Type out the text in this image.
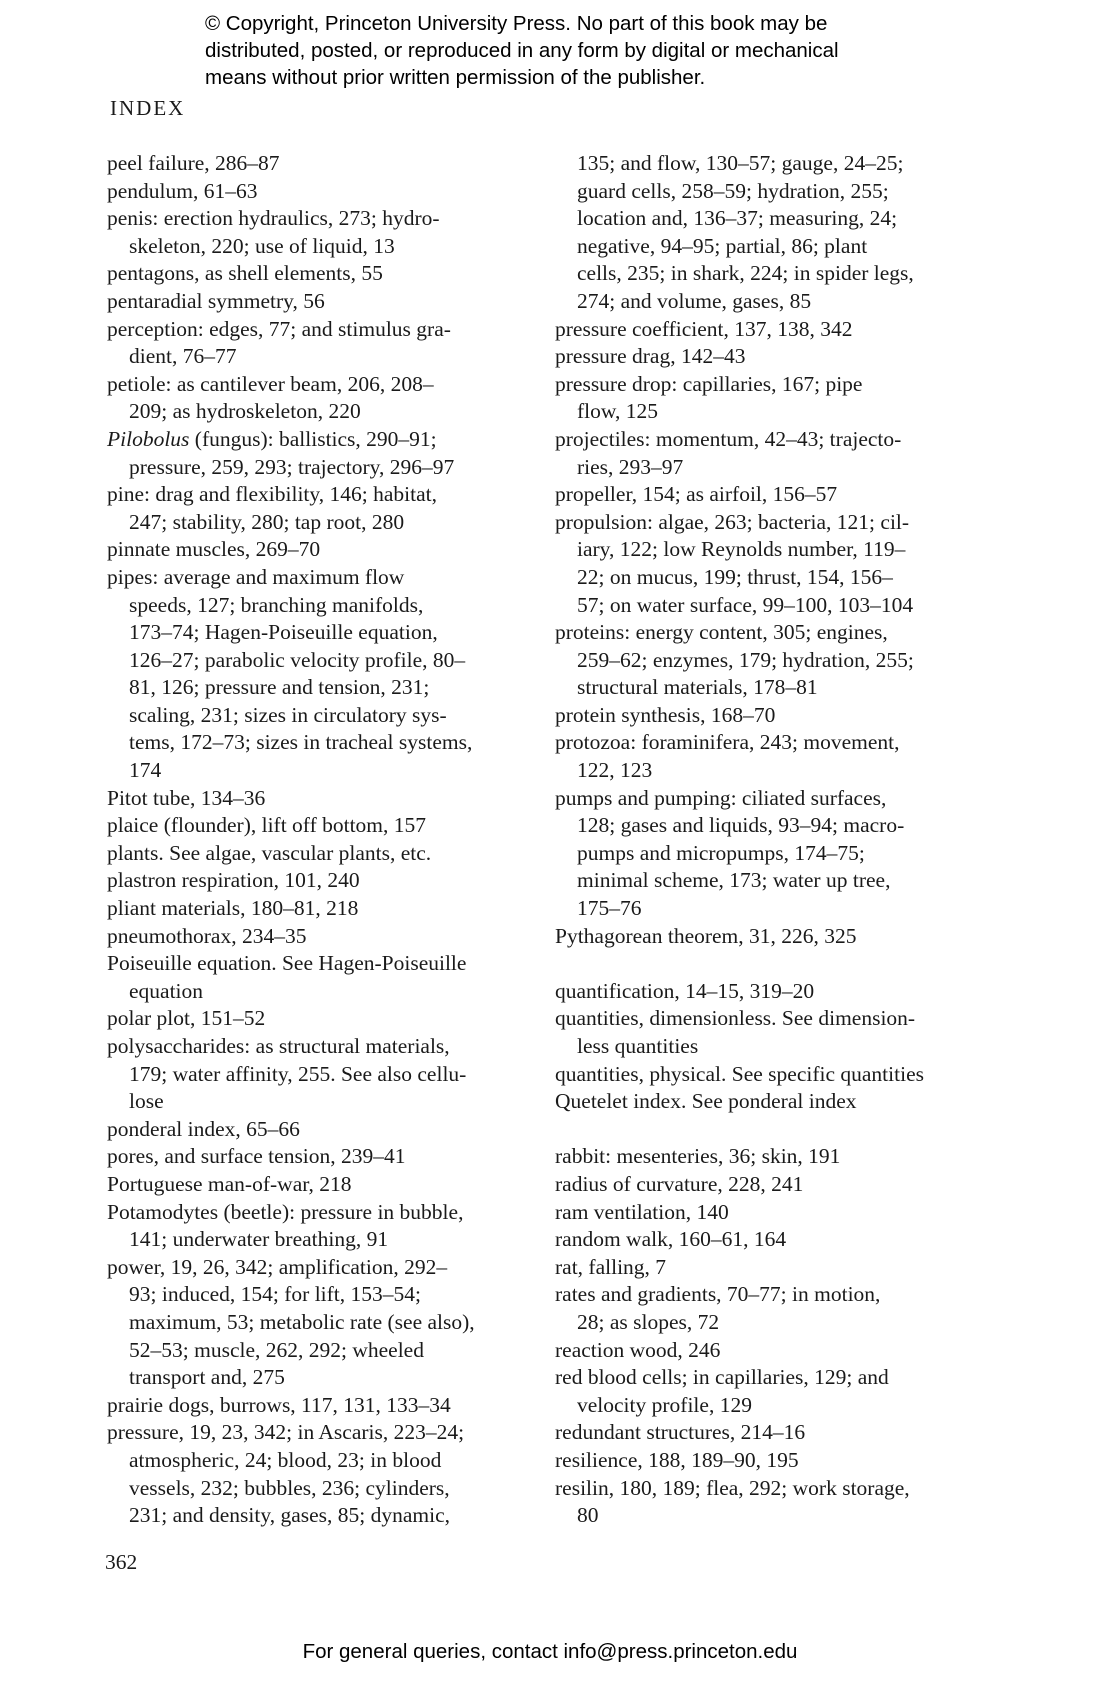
© Copyright, Princeton University Press. No part of this book may be
distributed, posted, or reproduced in any form by digital or mechanical
means without prior written permission of the publisher.
INDEX
peel failure, 286–87
pendulum, 61–63
penis: erection hydraulics, 273; hydro-
skeleton, 220; use of liquid, 13
pentagons, as shell elements, 55
pentaradial symmetry, 56
perception: edges, 77; and stimulus gra-
dient, 76–77
petiole: as cantilever beam, 206, 208–
209; as hydroskeleton, 220
Pilobolus (fungus): ballistics, 290–91;
pressure, 259, 293; trajectory, 296–97
pine: drag and flexibility, 146; habitat,
247; stability, 280; tap root, 280
pinnate muscles, 269–70
pipes: average and maximum flow
speeds, 127; branching manifolds,
173–74; Hagen-Poiseuille equation,
126–27; parabolic velocity profile, 80–
81, 126; pressure and tension, 231;
scaling, 231; sizes in circulatory sys-
tems, 172–73; sizes in tracheal systems,
174
Pitot tube, 134–36
plaice (flounder), lift off bottom, 157
plants. See algae, vascular plants, etc.
plastron respiration, 101, 240
pliant materials, 180–81, 218
pneumothorax, 234–35
Poiseuille equation. See Hagen-Poiseuille
equation
polar plot, 151–52
polysaccharides: as structural materials,
179; water affinity, 255. See also cellu-
lose
ponderal index, 65–66
pores, and surface tension, 239–41
Portuguese man-of-war, 218
Potamodytes (beetle): pressure in bubble,
141; underwater breathing, 91
power, 19, 26, 342; amplification, 292–
93; induced, 154; for lift, 153–54;
maximum, 53; metabolic rate (see also),
52–53; muscle, 262, 292; wheeled
transport and, 275
prairie dogs, burrows, 117, 131, 133–34
pressure, 19, 23, 342; in Ascaris, 223–24;
atmospheric, 24; blood, 23; in blood
vessels, 232; bubbles, 236; cylinders,
231; and density, gases, 85; dynamic,
135; and flow, 130–57; gauge, 24–25;
guard cells, 258–59; hydration, 255;
location and, 136–37; measuring, 24;
negative, 94–95; partial, 86; plant
cells, 235; in shark, 224; in spider legs,
274; and volume, gases, 85
pressure coefficient, 137, 138, 342
pressure drag, 142–43
pressure drop: capillaries, 167; pipe
flow, 125
projectiles: momentum, 42–43; trajecto-
ries, 293–97
propeller, 154; as airfoil, 156–57
propulsion: algae, 263; bacteria, 121; cil-
iary, 122; low Reynolds number, 119–
22; on mucus, 199; thrust, 154, 156–
57; on water surface, 99–100, 103–104
proteins: energy content, 305; engines,
259–62; enzymes, 179; hydration, 255;
structural materials, 178–81
protein synthesis, 168–70
protozoa: foraminifera, 243; movement,
122, 123
pumps and pumping: ciliated surfaces,
128; gases and liquids, 93–94; macro-
pumps and micropumps, 174–75;
minimal scheme, 173; water up tree,
175–76
Pythagorean theorem, 31, 226, 325
quantification, 14–15, 319–20
quantities, dimensionless. See dimension-
less quantities
quantities, physical. See specific quantities
Quetelet index. See ponderal index
rabbit: mesenteries, 36; skin, 191
radius of curvature, 228, 241
ram ventilation, 140
random walk, 160–61, 164
rat, falling, 7
rates and gradients, 70–77; in motion,
28; as slopes, 72
reaction wood, 246
red blood cells; in capillaries, 129; and
velocity profile, 129
redundant structures, 214–16
resilience, 188, 189–90, 195
resilin, 180, 189; flea, 292; work storage,
80
362
For general queries, contact info@press.princeton.edu
